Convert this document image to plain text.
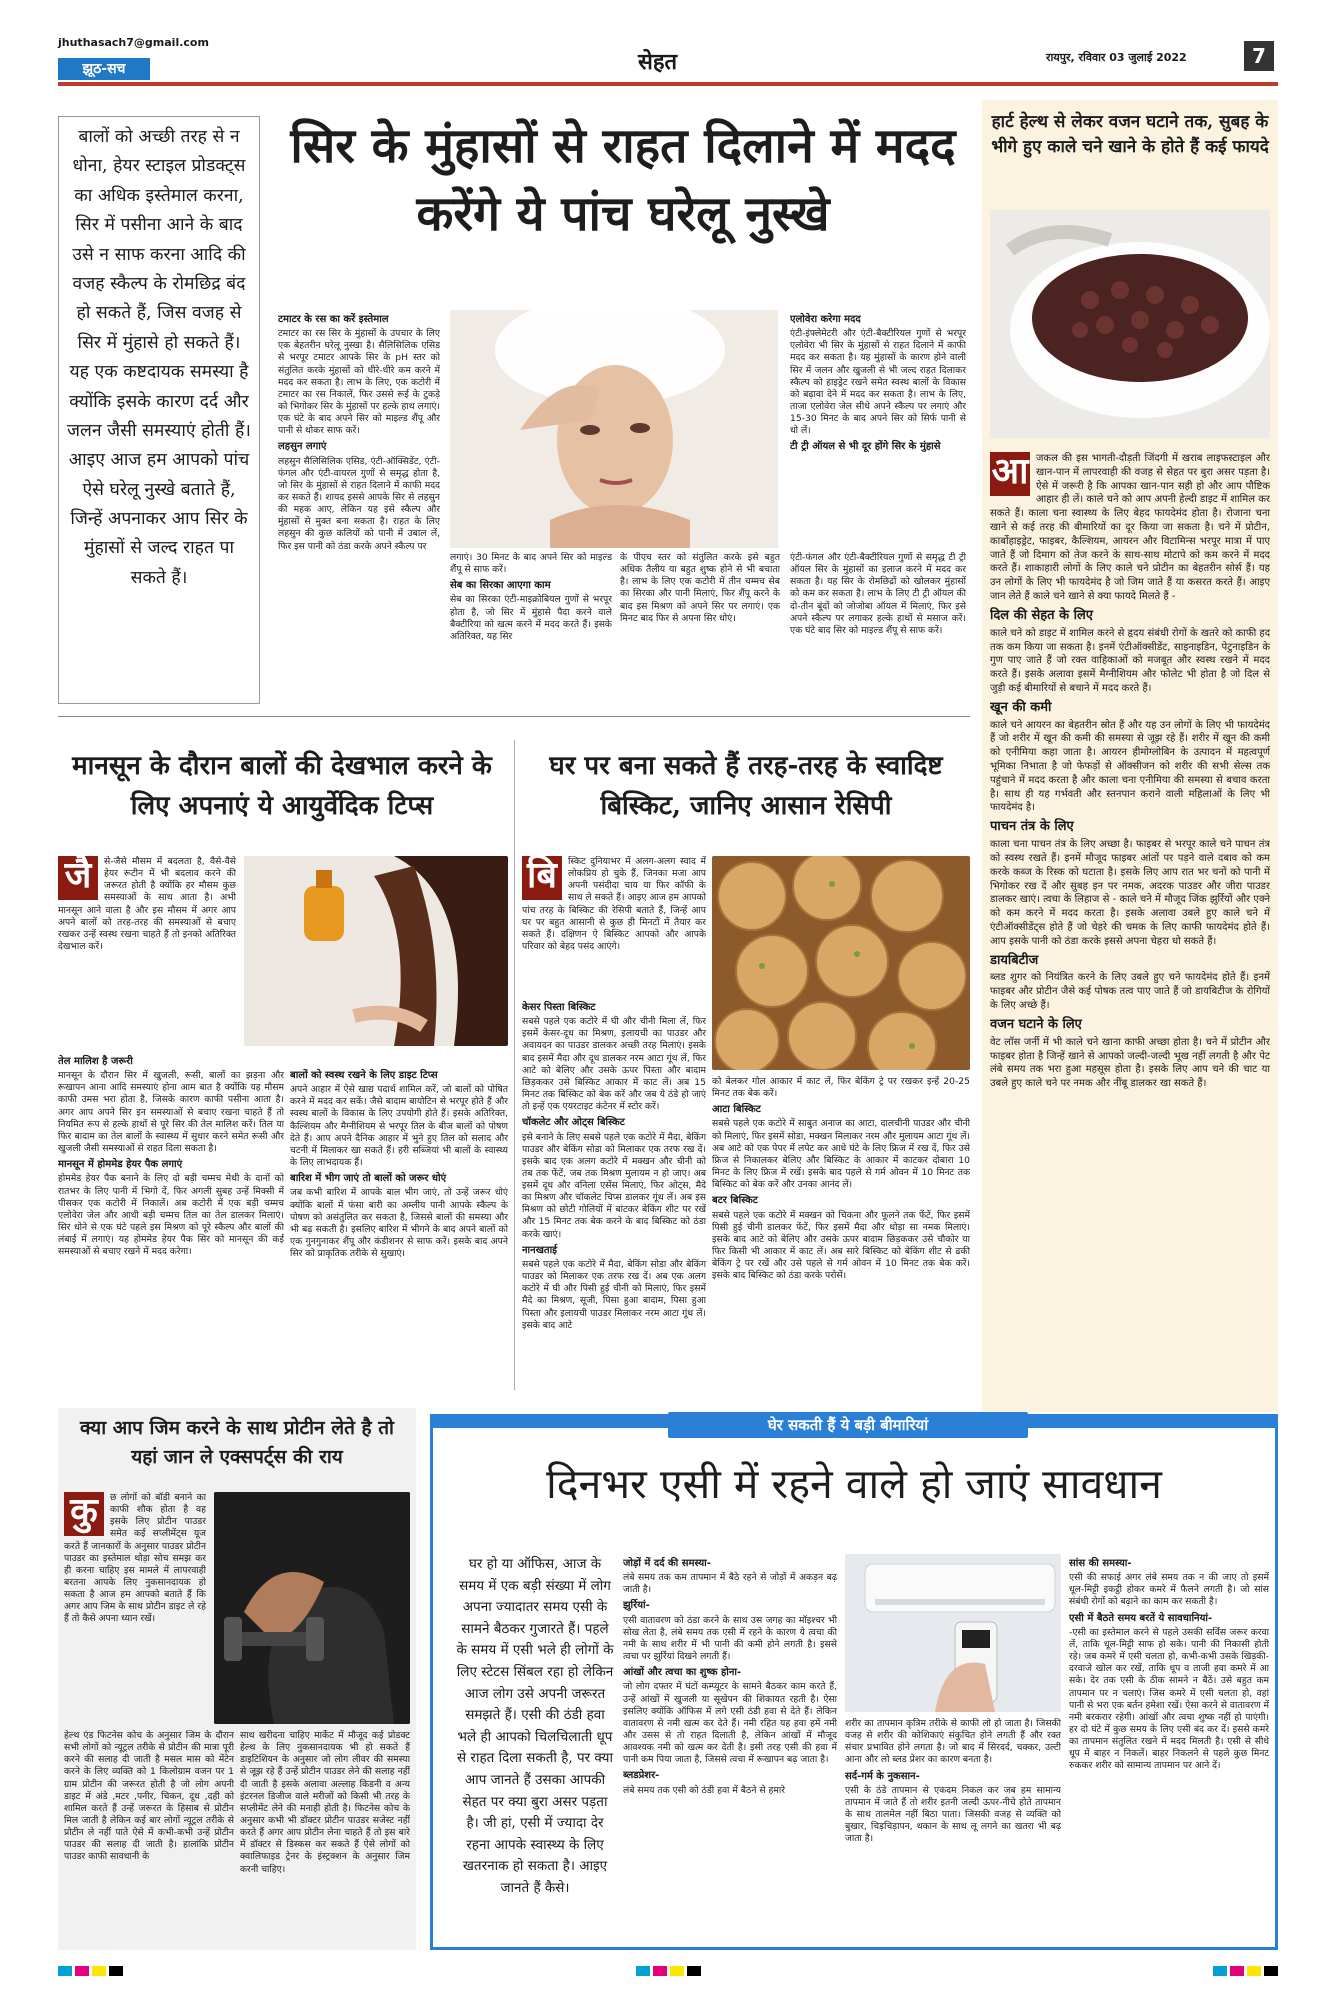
jhuthasach7@gmail.com
झूठ-सच	सेहत	रायपुर, रविवार 03 जुलाई 2022	7
बालों को अच्छी तरह से न धोना, हेयर स्टाइल प्रोडक्ट्स का अधिक इस्तेमाल करना, सिर में पसीना आने के बाद उसे न साफ करना आदि की वजह स्कैल्प के रोमछिद्र बंद हो सकते हैं, जिस वजह से सिर में मुंहासे हो सकते हैं। यह एक कष्टदायक समस्या है क्योंकि इसके कारण दर्द और जलन जैसी समस्याएं होती हैं। आइए आज हम आपको पांच ऐसे घरेलू नुस्खे बताते हैं, जिन्हें अपनाकर आप सिर के मुंहासों से जल्द राहत पा सकते हैं।
सिर के मुंहासों से राहत दिलाने में मदद करेंगे ये पांच घरेलू नुस्खे
टमाटर के रस का करें इस्तेमाल

टमाटर का रस सिर के मुंहासों के उपचार के लिए एक बेहतरीन घरेलू नुस्खा है। सैलिसिलिक एसिड से भरपूर टमाटर आपके सिर के pH स्तर को संतुलित करके मुंहासों को धीरे-धीरे कम करने में मदद कर सकता है। लाभ के लिए, एक कटोरी में टमाटर का रस निकालें, फिर उससे रूई के टुकड़े को भिगोकर सिर के मुंहासों पर हल्के हाथ लगाएं। एक घंटे के बाद अपने सिर को माइल्ड शैंपू और पानी से धोकर साफ करें।

लहसुन लगाएं

लहसुन सैलिसिलिक एसिड, एंटी-ऑक्सिडेंट, एंटी-फंगल और एंटी-वायरल गुणों से समृद्ध होता है, जो सिर के मुंहासों से राहत दिलाने में काफी मदद कर सकते हैं। शायद इससे आपके सिर से लहसुन की महक आए, लेकिन यह इसे स्कैल्प और मुंहासों से मुक्त बना सकता है। राहत के लिए लहसुन की कुछ कलियों को पानी में उबाल लें, फिर इस पानी को ठंडा करके अपने स्कैल्प पर

लगाएं। 30 मिनट के बाद अपने सिर को माइल्ड शैंपू से साफ करें।

सेब का सिरका आएगा काम

सेब का सिरका एंटी-माइक्रोबियल गुणों से भरपूर होता है, जो सिर में मुंहासे पैदा करने वाले बैक्टीरिया को खत्म करने में मदद करते हैं। इसके अतिरिक्त, यह सिर

के पीएच स्तर को संतुलित करके इसे बहुत अधिक तैलीय या बहुत शुष्क होने से भी बचाता है। लाभ के लिए एक कटोरी में तीन चम्मच सेब का सिरका और पानी मिलाएं, फिर शैंपू करने के बाद इस मिश्रण को अपने सिर पर लगाएं। एक मिनट बाद फिर से अपना सिर धोएं।

एलोवेरा करेगा मदद

एंटी-इंफ्लेमेटरी और एंटी-बैक्टीरियल गुणों से भरपूर एलोवेरा भी सिर के मुंहासों से राहत दिलाने में काफी मदद कर सकता है। यह मुंहासों के कारण होने वाली सिर में जलन और खुजली से भी जल्द राहत दिलाकर स्कैल्प को हाइड्रेट रखने समेत स्वस्थ बालों के विकास को बढ़ावा देने में मदद कर सकता है। लाभ के लिए, ताजा एलोवेरा जेल सीधे अपने स्कैल्प पर लगाएं और 15-30 मिनट के बाद अपने सिर को सिर्फ पानी से धो लें।

टी ट्री ऑयल से भी दूर होंगे सिर के मुंहासे

एंटी-फंगल और एंटी-बैक्टीरियल गुणों से समृद्ध टी ट्री ऑयल सिर के मुंहासों का इलाज करने में मदद कर सकता है। यह सिर के रोमछिद्रों को खोलकर मुंहासों को कम कर सकता है। लाभ के लिए टी ट्री ऑयल की दो-तीन बूंदों को जोजोबा ऑयल में मिलाएं, फिर इसे अपने स्कैल्प पर लगाकर हल्के हाथों से मसाज करें। एक घंटे बाद सिर को माइल्ड शैंपू से साफ करें।

हार्ट हेल्थ से लेकर वजन घटाने तक, सुबह के भीगे हुए काले चने खाने के होते हैं कई फायदे
आ जकल की इस भागती-दौड़ती जिंदगी में खराब लाइफस्टाइल और खान-पान में लापरवाही की वजह से सेहत पर बुरा असर पड़ता है। ऐसे में जरूरी है कि आपका खान-पान सही हो और आप पौष्टिक आहार ही लें। काले चने को आप अपनी हेल्दी डाइट में शामिल कर सकते हैं। काला चना स्वास्थ्य के लिए बेहद फायदेमंद होता है। रोजाना चना खाने से कई तरह की बीमारियों का दूर किया जा सकता है। चने में प्रोटीन, कार्बोहाइड्रेट, फाइबर, कैल्शियम, आयरन और विटामिन्स भरपूर मात्रा में पाए जाते हैं जो दिमाग को तेज करने के साथ-साथ मोटापे को कम करने में मदद करते हैं। शाकाहारी लोगों के लिए काले चने प्रोटीन का बेहतरीन सोर्स हैं। यह उन लोगों के लिए भी फायदेमंद है जो जिम जाते हैं या कसरत करते हैं। आइए जान लेते हैं काले चने खाने से क्या फायदे मिलते हैं -

दिल की सेहत के लिए

काले चने को डाइट में शामिल करने से हृदय संबंधी रोगों के खतरे को काफी हद तक कम किया जा सकता है। इनमें एंटीऑक्सीडेंट, साइनाइडिन, पेटुनाइडिन के गुण पाए जाते हैं जो रक्त वाहिकाओं को मजबूत और स्वस्थ रखने में मदद करते हैं। इसके अलावा इसमें मैग्नीशियम और फोलेट भी होता है जो दिल से जुड़ी कई बीमारियों से बचाने में मदद करते हैं।

खून की कमी

काले चने आयरन का बेहतरीन स्रोत हैं और यह उन लोगों के लिए भी फायदेमंद हैं जो शरीर में खून की कमी की समस्या से जूझ रहे हैं। शरीर में खून की कमी को एनीमिया कहा जाता है। आयरन हीमोग्लोबिन के उत्पादन में महत्वपूर्ण भूमिका निभाता है जो फेफड़ों से ऑक्सीजन को शरीर की सभी सेल्स तक पहुंचाने में मदद करता है और काला चना एनीमिया की समस्या से बचाव करता है। साथ ही यह गर्भवती और स्तनपान कराने वाली महिलाओं के लिए भी फायदेमंद है।

पाचन तंत्र के लिए

काला चना पाचन तंत्र के लिए अच्छा है। फाइबर से भरपूर काले चने पाचन तंत्र को स्वस्थ रखते हैं। इनमें मौजूद फाइबर आंतों पर पड़ने वाले दबाव को कम करके कब्ज के रिस्क को घटाता है। इसके लिए आप रात भर चनों को पानी में भिगोकर रख दें और सुबह इन पर नमक, अदरक पाउडर और जीरा पाउडर डालकर खाएं। त्वचा के लिहाज से - काले चने में मौजूद जिंक झुर्रियों और एक्ने को कम करने में मदद करता है। इसके अलावा उबले हुए काले चने में एंटीऑक्सीडेंट्स होते हैं जो चेहरे की चमक के लिए काफी फायदेमंद होते हैं। आप इसके पानी को ठंडा करके इससे अपना चेहरा धो सकते हैं।

डायबिटीज

ब्लड शुगर को नियंत्रित करने के लिए उबले हुए चने फायदेमंद होते हैं। इनमें फाइबर और प्रोटीन जैसे कई पोषक तत्व पाए जाते हैं जो डायबिटीज के रोगियों के लिए अच्छे हैं।

वजन घटाने के लिए

वेट लॉस जर्नी में भी काले चने खाना काफी अच्छा होता है। चने में प्रोटीन और फाइबर होता है जिन्हें खाने से आपको जल्दी-जल्दी भूख नहीं लगती है और पेट लंबे समय तक भरा हुआ महसूस होता है। इसके लिए आप चने की चाट या उबले हुए काले चने पर नमक और नींबू डालकर खा सकते हैं।

मानसून के दौरान बालों की देखभाल करने के लिए अपनाएं ये आयुर्वेदिक टिप्स
जै	से-जैसे मौसम में बदलता है, वैसे-वैसे हेयर रूटीन में भी बदलाव करने की जरूरत होती है क्योंकि हर मौसम कुछ समस्याओं के साथ आता है। अभी मानसून आने वाला है और इस मौसम में अगर आप अपने बालों को तरह-तरह की समस्याओं से बचाए रखकर उन्हें स्वस्थ रखना चाहते हैं तो इनको अतिरिक्त देखभाल करें।

तेल मालिश है जरूरी

मानसून के दौरान सिर में खुजली, रूसी, बालों का झड़ना और रूखापन आना आदि समस्याएं होना आम बात है क्योंकि यह मौसम काफी उमस भरा होता है, जिसके कारण काफी पसीना आता है। अगर आप अपने सिर इन समस्याओं से बचाए रखना चाहते हैं तो नियमित रूप से हल्के हाथों से पूरे सिर की तेल मालिश करें। तिल या फिर बादाम का तेल बालों के स्वास्थ्य में सुधार करने समेत रूसी और खुजली जैसी समस्याओं से राहत दिला सकता है।

मानसून में होममेड हेयर पैक लगाएं

होममेड हेयर पैक बनाने के लिए दो बड़ी चम्मच मेथी के दानों को रातभर के लिए पानी में भिगो दें, फिर अगली सुबह उन्हें मिक्सी में पीसकर एक कटोरी में निकालें। अब कटोरी में एक बड़ी चम्मच एलोवेरा जेल और आधी बड़ी चम्मच तिल का तेल डालकर मिलाएं। सिर धोने से एक घंटे पहले इस मिश्रण को पूरे स्कैल्प और बालों की लंबाई में लगाएं। यह होममेड हेयर पैक सिर को मानसून की कई समस्याओं से बचाए रखने में मदद करेगा।

बालों को स्वस्थ रखने के लिए डाइट टिप्स

अपने आहार में ऐसे खाद्य पदार्थ शामिल करें, जो बालों को पोषित करने में मदद कर सकें। जैसे बादाम बायोटिन से भरपूर होते हैं और स्वस्थ बालों के विकास के लिए उपयोगी होते हैं। इसके अतिरिक्त, कैल्शियम और मैग्नीशियम से भरपूर तिल के बीज बालों को पोषण देते हैं। आप अपने दैनिक आहार में भुने हुए तिल को सलाद और चटनी में मिलाकर खा सकते हैं। हरी सब्जियां भी बालों के स्वास्थ्य के लिए लाभदायक हैं।

बारिश में भीग जाएं तो बालों को जरूर धोएं

जब कभी बारिश में आपके बाल भीग जाएं, तो उन्हें जरूर धोएं क्योंकि बालों में फंसा बारी का अम्लीय पानी आपके स्कैल्प के पोषण को असंतुलित कर सकता है, जिससे बालों की समस्या और भी बढ़ सकती है। इसलिए बारिश में भीगने के बाद अपने बालों को एक गुनगुनाकर शैंपू और कंडीशनर से साफ करें। इसके बाद अपने सिर को प्राकृतिक तरीके से सुखाएं।

घर पर बना सकते हैं तरह-तरह के स्वादिष्ट बिस्किट, जानिए आसान रेसिपी
बि	स्किट दुनियाभर में अलग-अलग स्वाद में लोकप्रिय हो चुके हैं, जिनका मजा आप अपनी पसंदीदा चाय या फिर कॉफी के साथ ले सकते हैं। आइए आज हम आपको पांच तरह के बिस्किट की रेसिपी बताते हैं, जिन्हें आप घर पर बहुत आसानी से कुछ ही मिनटों में तैयार कर सकते हैं। दक्षिणन ऐ बिस्किट आपको और आपके परिवार को बेहद पसंद आएंगे।

केसर पिस्ता बिस्किट

सबसे पहले एक कटोरे में घी और चीनी मिला लें, फिर इसमें केसर-दूध का मिश्रण, इलायची का पाउडर और अवायदन का पाउडर डालकर अच्छी तरह मिलाएं। इसके बाद इसमें मैदा और दूध डालकर नरम आटा गूंथ लें, फिर आटे को बेलिए और उसके ऊपर पिस्ता और बादाम छिड़ककर उसे बिस्किट आकार में काट लें। अब 15 मिनट तक बिस्किट को बेक करें और जब ये ठंडे हो जाएं तो इन्हें एक एयरटाइट कंटेनर में स्टोर करें।

चॉकलेट और ओट्स बिस्किट

इसे बनाने के लिए सबसे पहले एक कटोरे में मैदा, बेकिंग पाउडर और बेकिंग सोडा को मिलाकर एक तरफ रख दें। इसके बाद एक अलग कटोरे में मक्खन और चीनी को तब तक फेंटें, जब तक मिश्रण मुलायम न हो जाए। अब इसमें दूध और वनिला एसेंस मिलाएं, फिर ओट्स, मैदे का मिश्रण और चॉकलेट चिप्स डालकर गूंथ लें। अब इस मिश्रण को छोटी गोलियों में बांटकर बेकिंग शीट पर रखें और 15 मिनट तक बेक करने के बाद बिस्किट को ठंडा करके खाएं।

नानखताई

सबसे पहले एक कटोरे में मैदा, बेकिंग सोडा और बेकिंग पाउडर को मिलाकर एक तरफ रख दें। अब एक अलग कटोरे में घी और पिसी हुई चीनी को मिलाएं, फिर इसमें मैदे का मिश्रण, सूजी, पिसा हुआ बादाम, पिसा हुआ पिस्ता और इलायची पाउडर मिलाकर नरम आटा गूंथ लें। इसके बाद आटे

को बेलकर गोल आकार में काट लें, फिर बेकिंग ट्रे पर रखकर इन्हें 20-25 मिनट तक बेक करें।

आटा बिस्किट

सबसे पहले एक कटोरे में साबुत अनाज का आटा, दालचीनी पाउडर और चीनी को मिलाएं, फिर इसमें सोडा, मक्खन मिलाकर नरम और मुलायम आटा गूंथ लें। अब आटे को एक पेपर में लपेट कर आधे घंटे के लिए फ्रिज में रख दें, फिर उसे फ्रिज से निकालकर बेलिए और बिस्किट के आकार में काटकर दोबारा 10 मिनट के लिए फ्रिज में रखें। इसके बाद पहले से गर्म ओवन में 10 मिनट तक बिस्किट को बेक करें और उनका आनंद लें।

बटर बिस्किट

सबसे पहले एक कटोरे में मक्खन को चिकना और फूलने तक फेंटें, फिर इसमें पिसी हुई चीनी डालकर फेंटें, फिर इसमें मैदा और थोड़ा सा नमक मिलाएं। इसके बाद आटे को बेलिए और उसके ऊपर बादाम छिड़ककर उसे चौकोर या फिर किसी भी आकार में काट लें। अब सारे बिस्किट को बेकिंग शीट से ढकी बेकिंग ट्रे पर रखें और उसे पहले से गर्म ओवन में 10 मिनट तक बेक करें। इसके बाद बिस्किट को ठंडा करके परोसें।

क्या आप जिम करने के साथ प्रोटीन लेते है तो यहां जान ले एक्सपर्ट्स की राय
कु	छ लोगों को बॉडी बनाने का काफी शौक होता है वह इसके लिए प्रोटीन पाउडर समेत कई सप्लीमेंट्स यूज करते हैं जानकारों के अनुसार पाउडर प्रोटीन पाउडर का इस्तेमाल थोड़ा सोच समझ कर ही करना चाहिए इस मामले में लापरवाही बरतना आपके लिए नुकसानदायक हो सकता है आज हम आपको बताते हैं कि अगर आप जिम के साथ प्रोटीन डाइट ले रहे हैं तो कैसे अपना ध्यान रखें।

हेल्थ एंड फिटनेस कोच के अनुसार जिम के दौरान सभी लोगों को न्यूट्रल तरीके से प्रोटीन की मात्रा पूरी करने की सलाह दी जाती है मसल मास को मेंटेन करने के लिए व्यक्ति को 1 किलोग्राम वजन पर 1 ग्राम प्रोटीन की जरूरत होती है जो लोग अपनी डाइट में अंडे ,मटर ,पनीर, चिकन, दूध ,दही को शामिल करते हैं उन्हें जरूरत के हिसाब से प्रोटीन मिल जाती है लेकिन कई बार लोगों न्यूट्रल तरीके से प्रोटीन ले नहीं पाते ऐसे में कभी-कभी उन्हें प्रोटीन पाउडर की सलाह दी जाती है। हालांकि प्रोटीन पाउडर काफी सावधानी के

साथ खरीदना चाहिए मार्केट में मौजूद कई प्रोडक्ट हेल्थ के लिए नुकसानदायक भी हो सकते हैं डाइटिशियन के अनुसार जो लोग लीवर की समस्या से जूझ रहे हैं उन्हें प्रोटीन पाउडर लेने की सलाह नहीं दी जाती है इसके अलावा अल्लाह किडनी व अन्य इंटरनल डिजीज वाले मरीजों को किसी भी तरह के सप्लीमेंट लेने की मनाही होती है। फिटनेस कोच के अनुसार कभी भी डॉक्टर प्रोटीन पाउडर सजेस्ट नहीं करते हैं अगर आप प्रोटीन लेना चाहते हैं तो इस बारे में डॉक्टर से डिस्कस कर सकते हैं ऐसे लोगों को क्वालिफाइड ट्रेनर के इंस्ट्रक्शन के अनुसार जिम करनी चाहिए।

घेर सकती हैं ये बड़ी बीमारियां
दिनभर एसी में रहने वाले हो जाएं सावधान

घर हो या ऑफिस, आज के समय में एक बड़ी संख्या में लोग अपना ज्यादातर समय एसी के सामने बैठकर गुजारते हैं। पहले के समय में एसी भले ही लोगों के लिए स्टेटस सिंबल रहा हो लेकिन आज लोग उसे अपनी जरूरत समझते हैं। एसी की ठंडी हवा भले ही आपको चिलचिलाती धूप से राहत दिला सकती है, पर क्या आप जानते हैं उसका आपकी सेहत पर क्या बुरा असर पड़ता है। जी हां, एसी में ज्यादा देर रहना आपके स्वास्थ्य के लिए खतरनाक हो सकता है। आइए जानते हैं कैसे।

जोड़ों में दर्द की समस्या-

लंबे समय तक कम तापमान में बैठे रहने से जोड़ों में अकड़न बढ़ जाती है।

झुर्रियां-

एसी वातावरण को ठंडा करने के साथ उस जगह का मॉइश्चर भी सोख लेता है, लंबे समय तक एसी में रहने के कारण ये त्वचा की नमी के साथ शरीर में भी पानी की कमी होने लगती है। इससे त्वचा पर झुर्रियां दिखने लगती हैं।

आंखों और त्वचा का शुष्क होना-

जो लोग दफ्तर में घंटों कम्प्यूटर के सामने बैठकर काम करते हैं, उन्हें आंखों में खुजली या सूखेपन की शिकायत रहती है। ऐसा इसलिए क्योंकि ऑफिस में लगे एसी ठंडी हवा से देते हैं। लेकिन वातावरण से नमी खत्म कर देते हैं। नमी रहित यह हवा हमें नमी और उसस से तो राहत दिलाती है, लेकिन आंखों में मौजूद आवश्यक नमी को खत्म कर देती है। इसी तरह एसी की हवा में पानी कम पिया जाता है, जिससे त्वचा में रूखापन बढ़ जाता है।

ब्लडप्रेशर-

लंबे समय तक एसी को ठंडी हवा में बैठने से हमारे

शरीर का तापमान कृत्रिम तरीके से काफी लो हो जाता है। जिसकी वजह से शरीर की कोशिकाएं संकुचित होने लगती हैं और रक्त संचार प्रभावित होने लगता है। जो बाद में सिरदर्द, चक्कर, उल्टी आना और लो ब्लड प्रेशर का कारण बनता है।

सर्द-गर्म के नुकसान-

एसी के ठंडे तापमान से एकदम निकल कर जब हम सामान्य तापमान में जाते हैं तो शरीर इतनी जल्दी ऊपर-नीचे होते तापमान के साथ तालमेल नहीं बिठा पाता। जिसकी वजह से व्यक्ति को बुखार, चिड़चिड़ापन, थकान के साथ लू लगने का खतरा भी बढ़ जाता है।

सांस की समस्या-

एसी की सफाई अगर लंबे समय तक न की जाए तो इसमें धूल-मिट्टी इकट्ठी होकर कमरे में फैलने लगती है। जो सांस संबंधी रोगों को बढ़ाने का काम कर सकती है।

एसी में बैठते समय बरतें ये सावधानियां-

-एसी का इस्तेमाल करने से पहले उसकी सर्विस जरूर करवा लें, ताकि धूल-मिट्टी साफ हो सके। पानी की निकासी होती रहे। जब कमरे में एसी चलता हो, कभी-कभी उसके खिड़की-दरवाजे खोल कर रखें, ताकि धूप व ताजी हवा कमरे में आ सके। देर तक एसी के ठीक सामने न बैठें। उसे बहुत कम तापमान पर न चलाएं। जिस कमरे में एसी चलता हो, वहां पानी से भरा एक बर्तन हमेशा रखें। ऐसा करने से वातावरण में नमी बरकरार रहेगी। आंखों और त्वचा शुष्क नहीं हो पाएंगी। हर दो घंटे में कुछ समय के लिए एसी बंद कर दें। इससे कमरे का तापमान संतुलित रखने में मदद मिलती है। एसी से सीधे धूप में बाहर न निकलें। बाहर निकलने से पहले कुछ मिनट रुककर शरीर को सामान्य तापमान पर आने दें।
